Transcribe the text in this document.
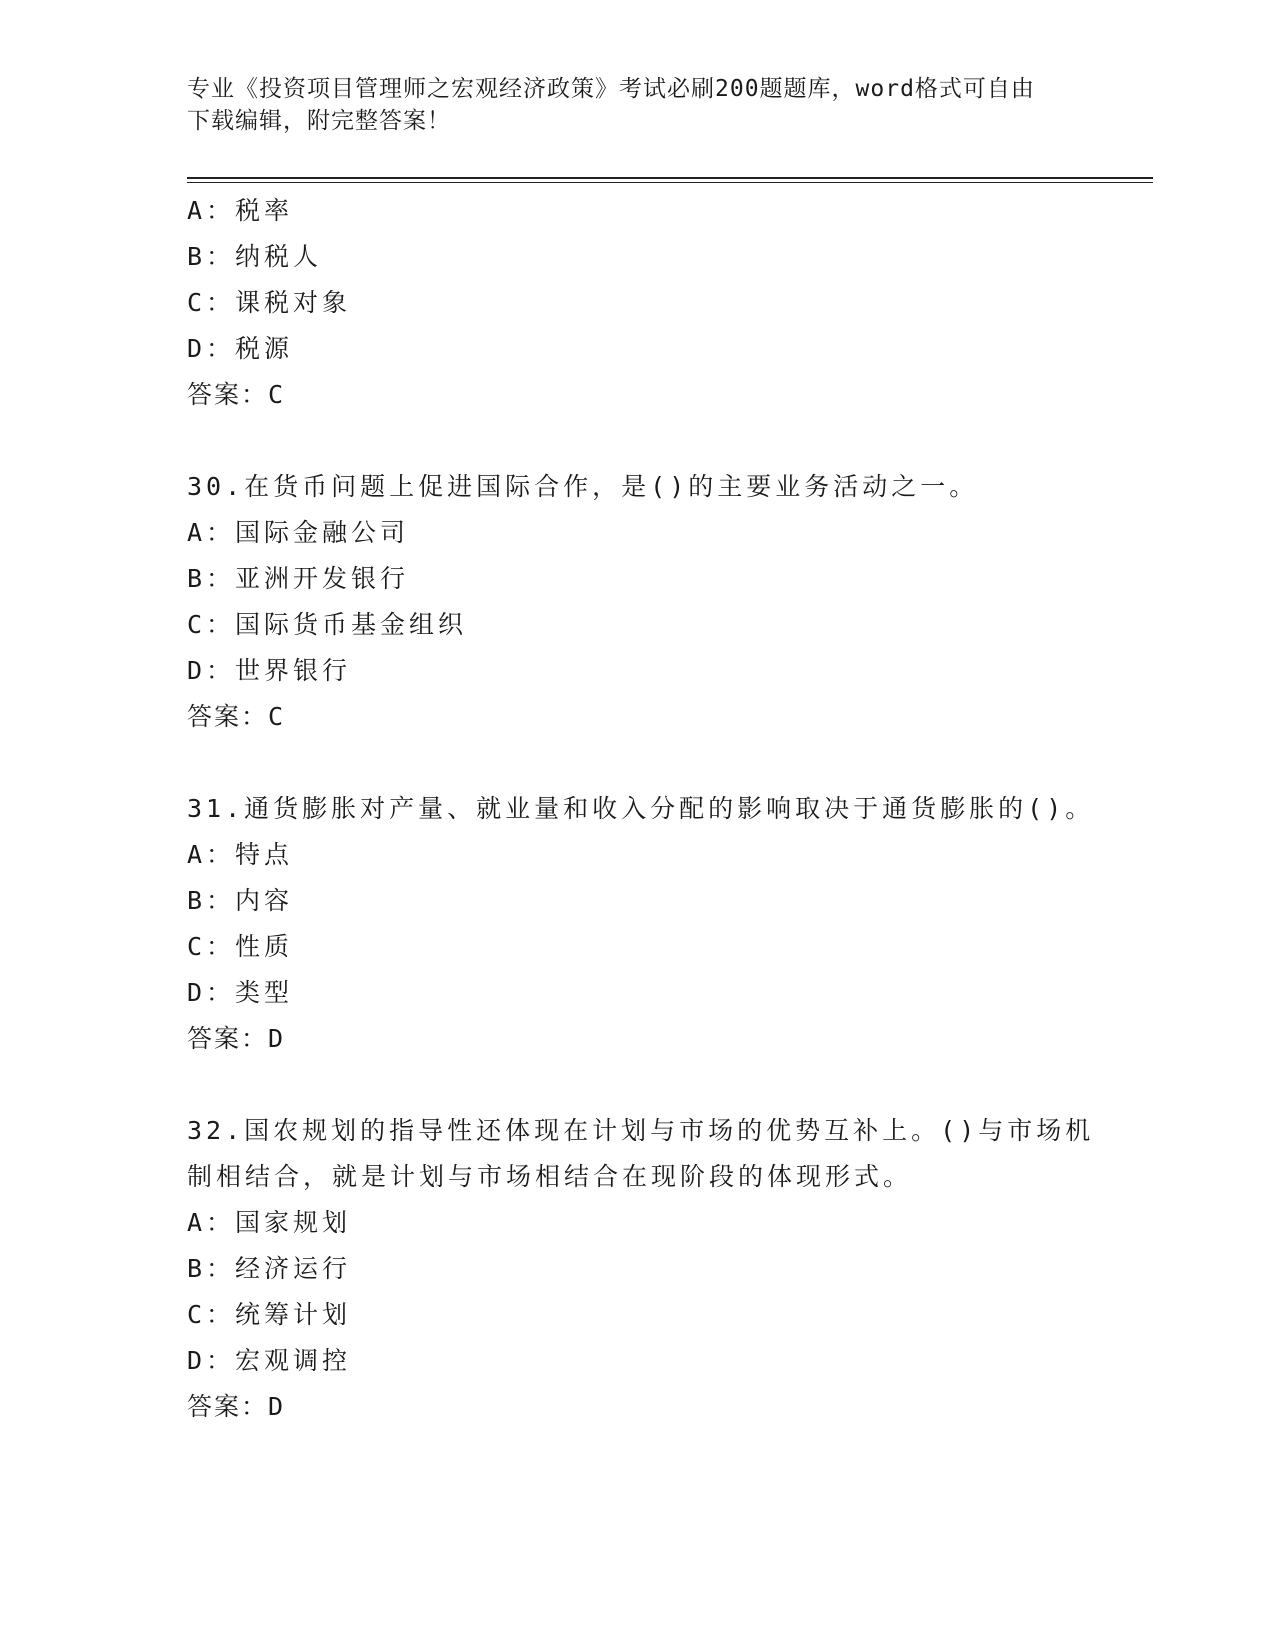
专业《投资项目管理师之宏观经济政策》考试必刷200题题库，word格式可自由
下载编辑，附完整答案！
A：税率
B：纳税人
C：课税对象
D：税源
答案：C
30.在货币问题上促进国际合作，是()的主要业务活动之一。
A：国际金融公司
B：亚洲开发银行
C：国际货币基金组织
D：世界银行
答案：C
31.通货膨胀对产量、就业量和收入分配的影响取决于通货膨胀的()。
A：特点
B：内容
C：性质
D：类型
答案：D
32.国农规划的指导性还体现在计划与市场的优势互补上。()与市场机
制相结合，就是计划与市场相结合在现阶段的体现形式。
A：国家规划
B：经济运行
C：统筹计划
D：宏观调控
答案：D
